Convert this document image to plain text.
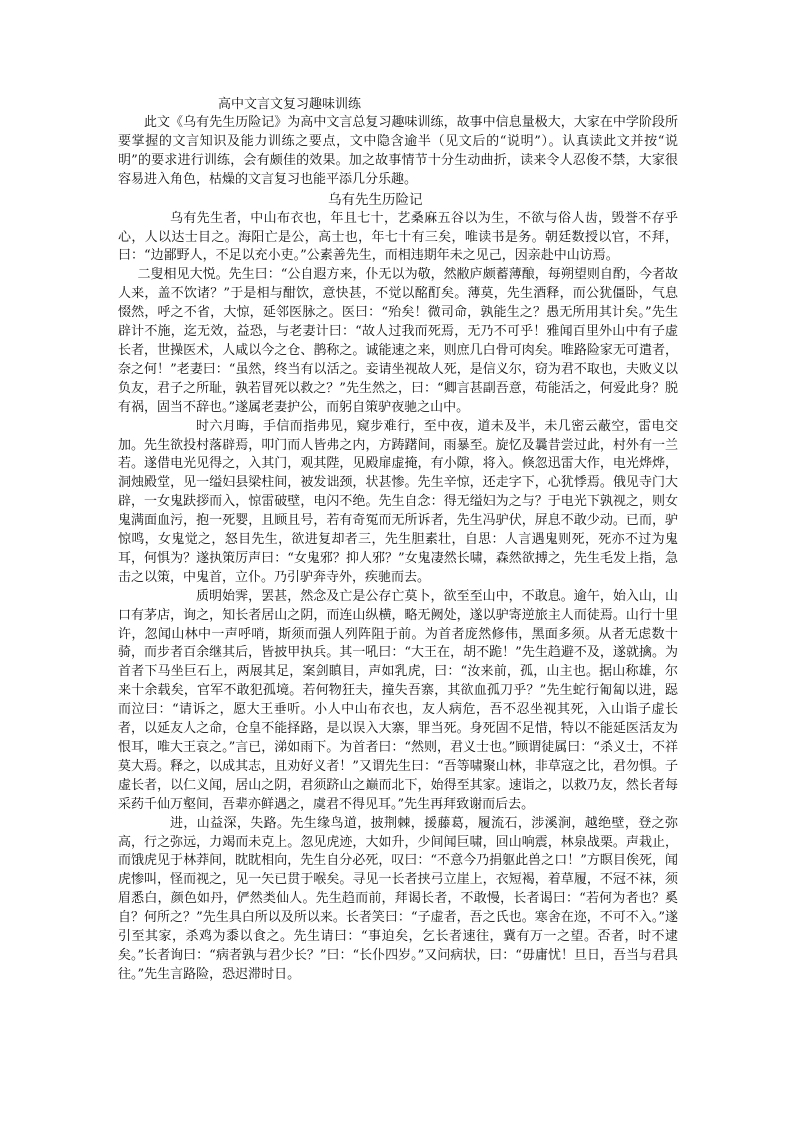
高中文言文复习趣味训练

此文《乌有先生历险记》为高中文言总复习趣味训练，故事中信息量极大，大家在中学阶段所要掌握的文言知识及能力训练之要点，文中隐含逾半（见文后的“说明”）。认真读此文并按“说明”的要求进行训练，会有颇佳的效果。加之故事情节十分生动曲折，读来令人忍俊不禁，大家很容易进入角色，枯燥的文言复习也能平添几分乐趣。

乌有先生历险记

乌有先生者，中山布衣也，年且七十，艺桑麻五谷以为生，不欲与俗人齿，毁誉不存乎心，人以达士目之。海阳亡是公，高士也，年七十有三矣，唯读书是务。朝廷数授以官，不拜，曰：“边鄙野人，不足以充小吏。”公素善先生，而相违期年未之见己，因亲赴中山访焉。

二叟相见大悦。先生曰：“公自遐方来，仆无以为敬，然敝庐颇蓄薄酿，每朔望则自酌，今者故人来，盖不饮诸？”于是相与酣饮，意快甚，不觉以酩酊矣。薄莫，先生酒释，而公犹僵卧，气息惙然，呼之不省，大惊，延邻医脉之。医曰：“殆矣！微司命，孰能生之？愚无所用其计矣。”先生辟计不施，迄无效，益恐，与老妻计曰：“故人过我而死焉，无乃不可乎！雅闻百里外山中有子虚长者，世操医术，人咸以今之仓、鹊称之。诚能速之来，则庶几白骨可肉矣。唯路险家无可遣者，奈之何！”老妻曰：“虽然，终当有以活之。妾请坐视故人死，是信义尔，窃为君不取也，夫败义以负友，君子之所耻，孰若冒死以救之？”先生然之，曰：“卿言甚副吾意，苟能活之，何爱此身？脱有祸，固当不辞也。”遂属老妻护公，而躬自策驴夜驰之山中。

时六月晦，手信而指弗见，窥步难行，至中夜，道未及半，未几密云蔽空，雷电交加。先生欲投村落辟焉，叩门而人皆弗之内，方踌躇间，雨暴至。旋忆及曩昔尝过此，村外有一兰若。遂借电光见得之，入其门，观其陛，见殿扉虚掩，有小隙，将入。倏忽迅雷大作，电光烨烨，洞烛殿堂，见一缢妇县梁柱间，被发诎颈，状甚惨。先生辛惊，还走字下，心犹悸焉。俄见寺门大辟，一女鬼趺拶而入，惊雷破壁，电闪不绝。先生自念：得无缢妇为之与？于电光下孰视之，则女鬼满面血污，抱一死婴，且顾且号，若有奇冤而无所诉者，先生冯驴伏，屏息不敢少动。已而，驴惊鸣，女鬼觉之，怒目先生，欲进复却者三，先生胆素壮，自思：人言遇鬼则死，死亦不过为鬼耳，何惧为？遂执策厉声曰：“女鬼邪？抑人邪？”女鬼凄然长啸，森然欲搏之，先生毛发上指，急击之以策，中鬼首，立仆。乃引驴奔寺外，疾驰而去。

质明始霁，罢甚，然念及亡是公存亡莫卜，欲至至山中，不敢息。逾午，始入山，山口有茅店，询之，知长者居山之阴，而连山纵横，略无阙处，遂以驴寄逆旅主人而徒焉。山行十里许，忽闻山林中一声呼哨，斯须而强人列阵阻于前。为首者庞然修伟，黑面多须。从者无虑数十骑，而步者百余继其后，皆披甲执兵。其一吼曰：“大王在，胡不跪！”先生趋避不及，遂就擒。为首者下马坐巨石上，两展其足，案剑瞋目，声如乳虎，曰：“汝来前，孤，山主也。据山称雄，尔来十余载矣，官军不敢犯孤境。若何物狂夫，撞失吾寨，其欲血孤刀乎？”先生蛇行匍匐以进，跽而泣曰：“请诉之，愿大王垂听。小人中山布衣也，友人病危，吾不忍坐视其死，入山诣子虚长者，以延友人之命，仓皇不能择路，是以误入大寨，罪当死。身死固不足惜，特以不能延医活友为恨耳，唯大王哀之。”言已，涕如雨下。为首者曰：“然则，君义士也。”顾谓徒属曰：“杀义士，不祥莫大焉。释之，以成其志，且劝好义者！”又谓先生曰：“吾等啸聚山林，非草寇之比，君勿惧。子虚长者，以仁义闻，居山之阴，君须跻山之巅而北下，始得至其家。速诣之，以救乃友，然长者每采药千仙万壑间，吾辈亦鲜遇之，虞君不得见耳。”先生再拜致谢而后去。

进，山益深，失路。先生缘鸟道，披荆棘，援藤葛，履流石，涉溪涧，越绝壁，登之弥高，行之弥远，力竭而未克上。忽见虎迹，大如升，少间闻巨啸，回山响震，林泉战栗。声栽止，而饿虎见于林莽间，眈眈相向，先生自分必死，叹曰：“不意今乃捐躯此兽之口！”方瞑目俟死，闻虎惨叫，怪而视之，见一矢已贯于喉矣。寻见一长者挟弓立崖上，衣短褐，着草履，不冠不袜，须眉悉白，颜色如丹，俨然类仙人。先生趋而前，拜谒长者，不敢慢，长者谒曰：“若何为者也？奚自？何所之？”先生具白所以及所以来。长者笑曰：“子虚者，吾之氏也。寒舍在迩，不可不入。”遂引至其家，杀鸡为黍以食之。先生请曰：“事迫矣，乞长者速往，冀有万一之望。否者，时不逮矣。”长者询曰：“病者孰与君少长？”曰：“长仆四岁。”又问病状，曰：“毋庸忧！旦日，吾当与君具往。”先生言路险，恐迟滞时日。
